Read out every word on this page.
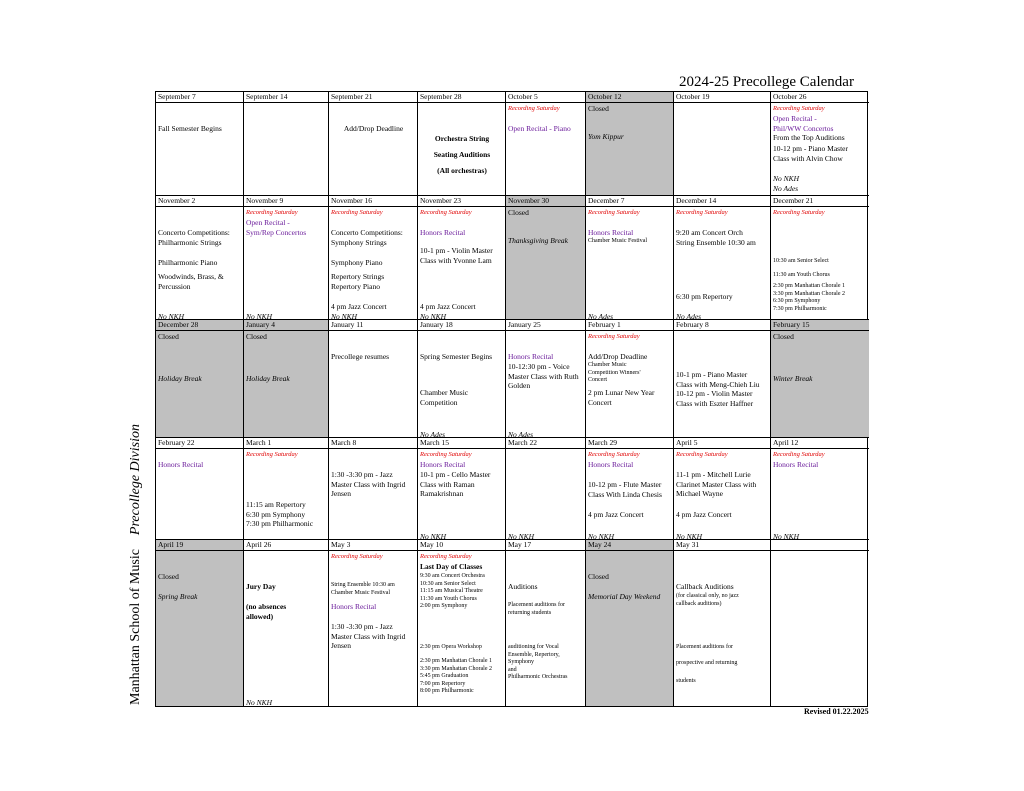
2024-25 Precollege Calendar
Manhattan School of MusicPrecollege Division
September 7
Fall Semester Begins
September 14	September 21
Add/Drop Deadline
September 28
Orchestra String
Seating Auditions
(All orchestras)
October 5
Recording Saturday
Open Recital - Piano
October 12
Closed
Yom Kippur
October 19	October 26
Recording Saturday
Open Recital -
Phil/WW Concertos
From the Top Auditions
10-12 pm - Piano Master
Class with Alvin Chow
No NKH
No Ades
November 2
Concerto Competitions:
Philharmonic Strings
Philharmonic Piano
Woodwinds, Brass, &
Percussion
No NKH
November 9
Recording Saturday
Open Recital -
Sym/Rep Concertos
No NKH
November 16
Recording Saturday
Concerto Competitions:
Symphony Strings
Symphony Piano
Repertory Strings
Repertory Piano
4 pm Jazz Concert
No NKH
November 23
Recording Saturday
Honors Recital
10-1 pm - Violin Master
Class with Yvonne Lam
4 pm Jazz Concert
No NKH
November 30
Closed
Thanksgiving Break
December 7
Recording Saturday
Honors Recital
Chamber Music Festival
No Ades
December 14
Recording Saturday
9:20 am Concert Orch
String Ensemble 10:30 am
6:30 pm Repertory
No Ades
December 21
Recording Saturday
10:30 am Senior Select
11:30 am Youth Chorus
2:30 pm Manhattan Chorale 1
3:30 pm Manhattan Chorale 2
6:30 pm Symphony
7:30 pm Philharmonic
December 28
Closed
Holiday Break
January 4
Closed
Holiday Break
January 11
Precollege resumes
January 18
Spring Semester Begins
Chamber Music
Competition
No Ades
January 25
Honors Recital
10-12:30 pm - Voice
Master Class with Ruth
Golden
No Ades
February 1
Recording Saturday
Add/Drop Deadline
Chamber Music
Competition Winners'
Concert
2 pm Lunar New Year
Concert
February 8
10-1 pm - Piano Master
Class with Meng-Chieh Liu
10-12 pm - Violin Master
Class with Eszter Haffner
February 15
Closed
Winter Break
February 22
Honors Recital
March 1
Recording Saturday
11:15 am Repertory
6:30 pm Symphony
7:30 pm Philharmonic
March 8
1:30 -3:30 pm - Jazz
Master Class with Ingrid
Jensen
March 15
Recording Saturday
Honors Recital
10-1 pm - Cello Master
Class with Raman
Ramakrishnan
No NKH
March 22
No NKH
March 29
Recording Saturday
Honors Recital
10-12 pm - Flute Master
Class With Linda Chesis
4 pm Jazz Concert
No NKH
April 5
Recording Saturday
11-1 pm - Mitchell Lurie
Clarinet Master Class with
Michael Wayne
4 pm Jazz Concert
No NKH
April 12
Recording Saturday
Honors Recital
No NKH
April 19
Closed
Spring Break
April 26
Jury Day
(no absences
allowed)
No NKH
May 3
Recording Saturday
String Ensemble 10:30 am
Chamber Music Festival
Honors Recital
1:30 -3:30 pm - Jazz
Master Class with Ingrid
Jensen
May 10
Recording Saturday
Last Day of Classes
9:30 am Concert Orchestra
10:30 am Senior Select
11:15 am Musical Theatre
11:30 am Youth Chorus
2:00 pm Symphony
2:30 pm Opera Workshop
2:30 pm Manhattan Chorale 1
3:30 pm Manhattan Chorale 2
5:45 pm Graduation
7:00 pm Repertory
8:00 pm Philharmonic
May 17
Auditions
Placement auditions for
returning students
auditioning for Vocal
Ensemble, Repertory, Symphony
and
Philharmonic Orchestras
May 24
Closed
Memorial Day Weekend
May 31
Callback Auditions
(for classical only, no jazz
callback auditions)
Placement auditions for
prospective and returning
students
Revised 01.22.2025
